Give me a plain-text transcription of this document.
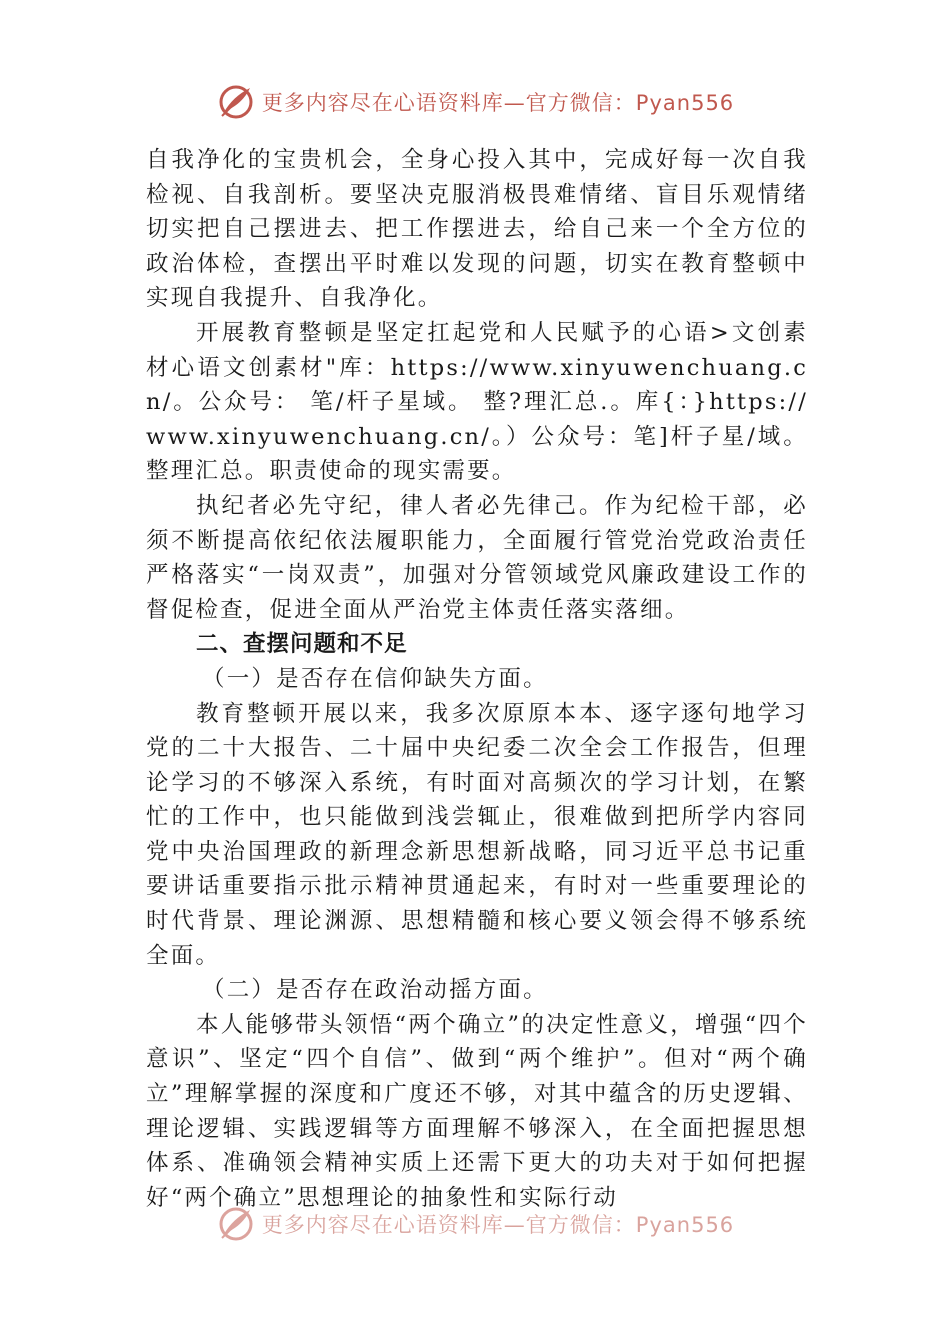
更多内容尽在心语资料库—官方微信：Pyan556

自我净化的宝贵机会，全身心投入其中，完成好每一次自我检视、自我剖析。要坚决克服消极畏难情绪、盲目乐观情绪切实把自己摆进去、把工作摆进去，给自己来一个全方位的政治体检，查摆出平时难以发现的问题，切实在教育整顿中实现自我提升、自我净化。

开展教育整顿是坚定扛起党和人民赋予的心语>文创素材心语文创素材"库：https://www.xinyuwenchuang.cn/。公众号： 笔/杆子星域。 整?理汇总.。库{：}https://www.xinyuwenchuang.cn/。）公众号：笔]杆子星/域。整理汇总。职责使命的现实需要。

执纪者必先守纪，律人者必先律己。作为纪检干部，必须不断提高依纪依法履职能力，全面履行管党治党政治责任严格落实“一岗双责”，加强对分管领域党风廉政建设工作的督促检查，促进全面从严治党主体责任落实落细。

二、查摆问题和不足

（一）是否存在信仰缺失方面。

教育整顿开展以来，我多次原原本本、逐字逐句地学习党的二十大报告、二十届中央纪委二次全会工作报告，但理论学习的不够深入系统，有时面对高频次的学习计划，在繁忙的工作中，也只能做到浅尝辄止，很难做到把所学内容同党中央治国理政的新理念新思想新战略，同习近平总书记重要讲话重要指示批示精神贯通起来，有时对一些重要理论的时代背景、理论渊源、思想精髓和核心要义领会得不够系统全面。

（二）是否存在政治动摇方面。

本人能够带头领悟“两个确立”的决定性意义，增强“四个意识”、坚定“四个自信”、做到“两个维护”。但对“两个确立”理解掌握的深度和广度还不够，对其中蕴含的历史逻辑、理论逻辑、实践逻辑等方面理解不够深入，在全面把握思想体系、准确领会精神实质上还需下更大的功夫对于如何把握好“两个确立”思想理论的抽象性和实际行动

更多内容尽在心语资料库—官方微信：Pyan556
